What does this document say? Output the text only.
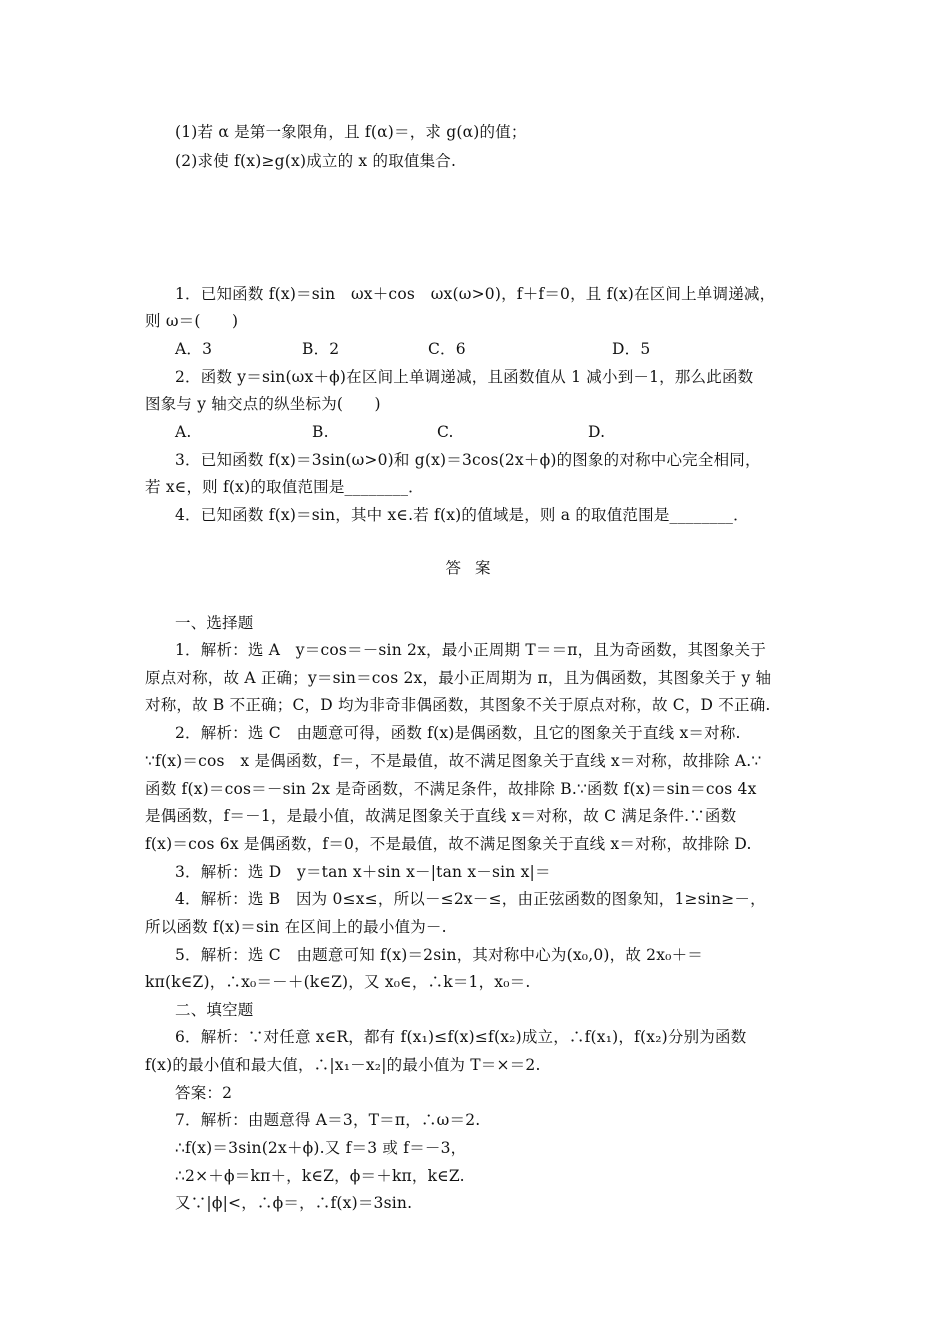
(1)若 α 是第一象限角，且 f(α)＝，求 g(α)的值；
(2)求使 f(x)≥g(x)成立的 x 的取值集合.
1．已知函数 f(x)＝sin　ωx＋cos　ωx(ω>0)，f＋f＝0，且 f(x)在区间上单调递减，
则 ω＝(　　)
A．3	B．2	C．6	D．5
2．函数 y＝sin(ωx＋ϕ)在区间上单调递减，且函数值从 1 减小到－1，那么此函数
图象与 y 轴交点的纵坐标为(　　)
A.	B.	C.	D.
3．已知函数 f(x)＝3sin(ω>0)和 g(x)＝3cos(2x＋ϕ)的图象的对称中心完全相同，
若 x∈，则 f(x)的取值范围是________．
4．已知函数 f(x)＝sin，其中 x∈.若 f(x)的值域是，则 a 的取值范围是________．
答案
一、选择题
1．解析：选 A　y＝cos＝－sin 2x，最小正周期 T＝＝π，且为奇函数，其图象关于
原点对称，故 A 正确；y＝sin＝cos 2x，最小正周期为 π，且为偶函数，其图象关于 y 轴
对称，故 B 不正确；C，D 均为非奇非偶函数，其图象不关于原点对称，故 C，D 不正确.
2．解析：选 C　由题意可得，函数 f(x)是偶函数，且它的图象关于直线 x＝对称.
∵f(x)＝cos　x 是偶函数，f＝，不是最值，故不满足图象关于直线 x＝对称，故排除 A.∵
函数 f(x)＝cos＝－sin 2x 是奇函数，不满足条件，故排除 B.∵函数 f(x)＝sin＝cos 4x
是偶函数，f＝－1，是最小值，故满足图象关于直线 x＝对称，故 C 满足条件.∵函数
f(x)＝cos 6x 是偶函数，f＝0，不是最值，故不满足图象关于直线 x＝对称，故排除 D.
3．解析：选 D　y＝tan x＋sin x－|tan x－sin x|＝
4．解析：选 B　因为 0≤x≤，所以－≤2x－≤，由正弦函数的图象知，1≥sin≥－，
所以函数 f(x)＝sin 在区间上的最小值为－.
5．解析：选 C　由题意可知 f(x)＝2sin，其对称中心为(x₀,0)，故 2x₀＋＝
kπ(k∈Z)，∴x₀＝－＋(k∈Z)，又 x₀∈，∴k＝1，x₀＝.
二、填空题
6．解析：∵对任意 x∈R，都有 f(x₁)≤f(x)≤f(x₂)成立，∴f(x₁)，f(x₂)分别为函数
f(x)的最小值和最大值，∴|x₁－x₂|的最小值为 T＝×＝2.
答案：2
7．解析：由题意得 A＝3，T＝π，∴ω＝2.
∴f(x)＝3sin(2x＋ϕ).又 f＝3 或 f＝－3，
∴2×＋ϕ＝kπ＋，k∈Z，ϕ＝＋kπ，k∈Z.
又∵|ϕ|<，∴ϕ＝，∴f(x)＝3sin.
